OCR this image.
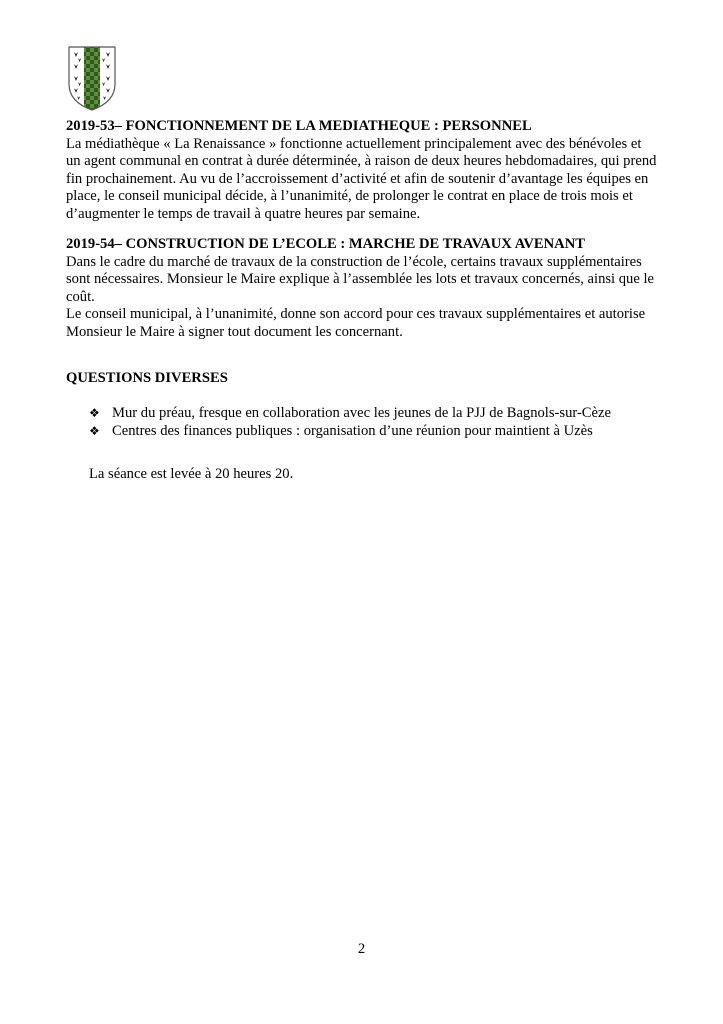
2019-53– FONCTIONNEMENT DE LA MEDIATHEQUE : PERSONNEL

La médiathèque « La Renaissance » fonctionne actuellement principalement avec des bénévoles et
un agent communal en contrat à durée déterminée, à raison de deux heures hebdomadaires, qui prend
fin prochainement. Au vu de l’accroissement d’activité et afin de soutenir d’avantage les équipes en
place, le conseil municipal décide, à l’unanimité, de prolonger le contrat en place de trois mois et
d’augmenter le temps de travail à quatre heures par semaine.

2019-54– CONSTRUCTION DE L’ECOLE : MARCHE DE TRAVAUX AVENANT

Dans le cadre du marché de travaux de la construction de l’école, certains travaux supplémentaires
sont nécessaires. Monsieur le Maire explique à l’assemblée les lots et travaux concernés, ainsi que le
coût.
Le conseil municipal, à l’unanimité, donne son accord pour ces travaux supplémentaires et autorise
Monsieur le Maire à signer tout document les concernant.

QUESTIONS DIVERSES

❖ Mur du préau, fresque en collaboration avec les jeunes de la PJJ de Bagnols-sur-Cèze
❖ Centres des finances publiques : organisation d’une réunion pour maintient à Uzès
La séance est levée à 20 heures 20.
2
